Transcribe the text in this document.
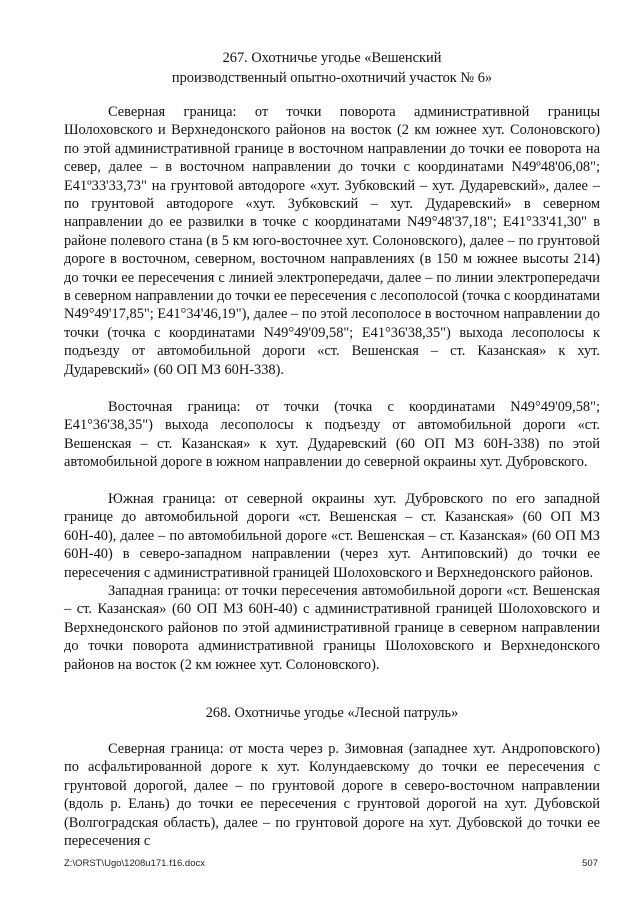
267. Охотничье угодье «Вешенский
производственный опытно-охотничий участок № 6»

Северная граница: от точки поворота административной границы Шолоховского и Верхнедонского районов на восток (2 км южнее хут. Солоновского) по этой административной границе в восточном направлении до точки ее поворота на север, далее – в восточном направлении до точки с координатами N49º48'06,08"; E41º33'33,73" на грунтовой автодороге «хут. Зубковский – хут. Дударевский», далее – по грунтовой автодороге «хут. Зубковский – хут. Дударевский» в северном направлении до ее развилки в точке с координатами N49°48'37,18"; E41°33'41,30" в районе полевого стана (в 5 км юго-восточнее хут. Солоновского), далее – по грунтовой дороге в восточном, северном, восточном направлениях (в 150 м южнее высоты 214) до точки ее пересечения с линией электропередачи, далее – по линии электропередачи в северном направлении до точки ее пересечения с лесополосой (точка с координатами N49°49'17,85"; E41°34'46,19"), далее – по этой лесополосе в восточном направлении до точки (точка с координатами N49°49'09,58"; E41°36'38,35") выхода лесополосы к подъезду от автомобильной дороги «ст. Вешенская – ст. Казанская» к хут. Дударевский» (60 ОП МЗ 60Н-338).

Восточная граница: от точки (точка с координатами N49°49'09,58"; E41°36'38,35") выхода лесополосы к подъезду от автомобильной дороги «ст. Вешенская – ст. Казанская» к хут. Дударевский (60 ОП МЗ 60Н-338) по этой автомобильной дороге в южном направлении до северной окраины хут. Дубровского.

Южная граница: от северной окраины хут. Дубровского по его западной границе до автомобильной дороги «ст. Вешенская – ст. Казанская» (60 ОП МЗ 60Н-40), далее – по автомобильной дороге «ст. Вешенская – ст. Казанская» (60 ОП МЗ 60Н-40) в северо-западном направлении (через хут. Антиповский) до точки ее пересечения с административной границей Шолоховского и Верхнедонского районов.

Западная граница: от точки пересечения автомобильной дороги «ст. Вешенская – ст. Казанская» (60 ОП МЗ 60Н-40) с административной границей Шолоховского и Верхнедонского районов по этой административной границе в северном направлении до точки поворота административной границы Шолоховского и Верхнедонского районов на восток (2 км южнее хут. Солоновского).

268. Охотничье угодье «Лесной патруль»

Северная граница: от моста через р. Зимовная (западнее хут. Андроповского) по асфальтированной дороге к хут. Колундаевскому до точки ее пересечения с грунтовой дорогой, далее – по грунтовой дороге в северо-восточном направлении (вдоль р. Елань) до точки ее пересечения с грунтовой дорогой на хут. Дубовской (Волгоградская область), далее – по грунтовой дороге на хут. Дубовской до точки ее пересечения с

Z:\ORST\Ugo\1208u171.f16.docx	507
